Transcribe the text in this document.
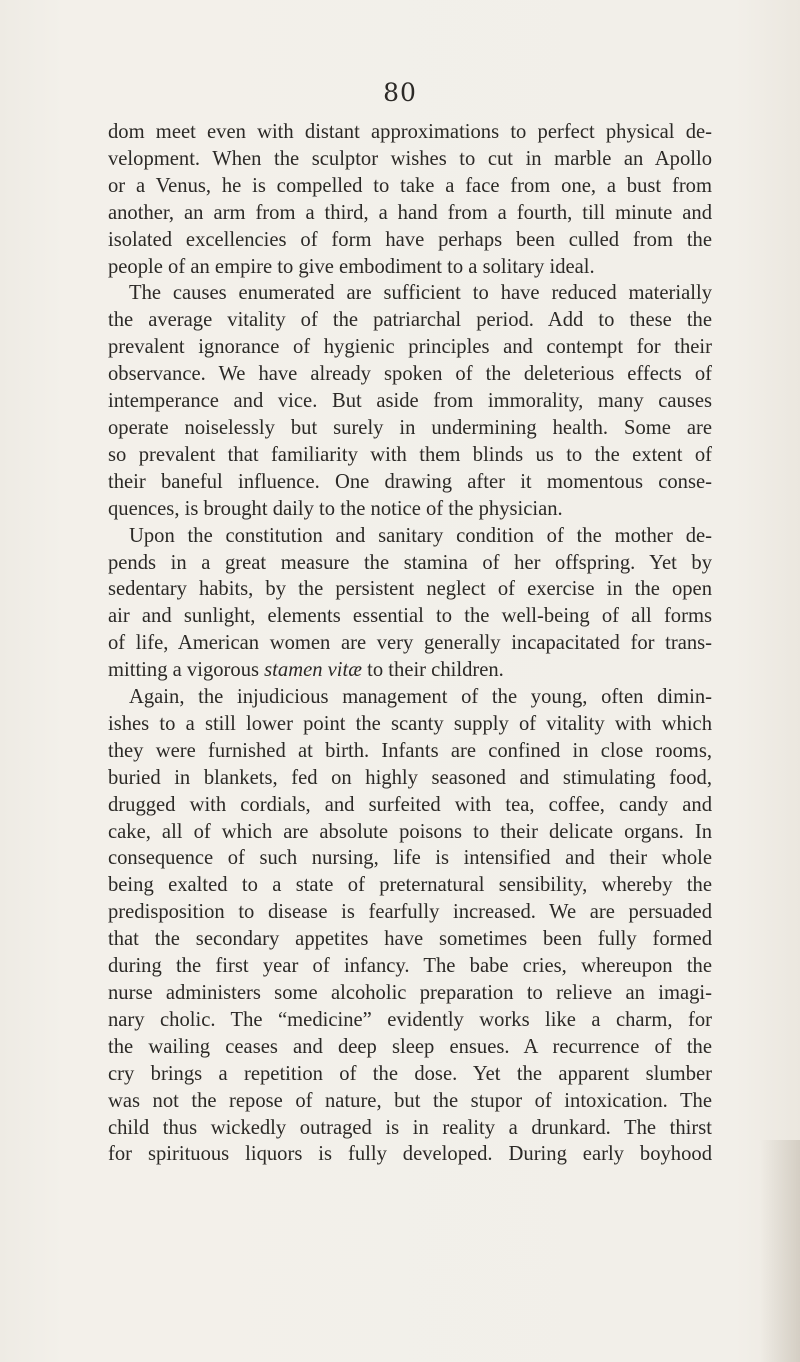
80
dom meet even with distant approximations to perfect physical de-
velopment. When the sculptor wishes to cut in marble an Apollo
or a Venus, he is compelled to take a face from one, a bust from
another, an arm from a third, a hand from a fourth, till minute and
isolated excellencies of form have perhaps been culled from the
people of an empire to give embodiment to a solitary ideal.
The causes enumerated are sufficient to have reduced materially
the average vitality of the patriarchal period. Add to these the
prevalent ignorance of hygienic principles and contempt for their
observance. We have already spoken of the deleterious effects of
intemperance and vice. But aside from immorality, many causes
operate noiselessly but surely in undermining health. Some are
so prevalent that familiarity with them blinds us to the extent of
their baneful influence. One drawing after it momentous conse-
quences, is brought daily to the notice of the physician.
Upon the constitution and sanitary condition of the mother de-
pends in a great measure the stamina of her offspring. Yet by
sedentary habits, by the persistent neglect of exercise in the open
air and sunlight, elements essential to the well-being of all forms
of life, American women are very generally incapacitated for trans-
mitting a vigorous stamen vitæ to their children.
Again, the injudicious management of the young, often dimin-
ishes to a still lower point the scanty supply of vitality with which
they were furnished at birth. Infants are confined in close rooms,
buried in blankets, fed on highly seasoned and stimulating food,
drugged with cordials, and surfeited with tea, coffee, candy and
cake, all of which are absolute poisons to their delicate organs. In
consequence of such nursing, life is intensified and their whole
being exalted to a state of preternatural sensibility, whereby the
predisposition to disease is fearfully increased. We are persuaded
that the secondary appetites have sometimes been fully formed
during the first year of infancy. The babe cries, whereupon the
nurse administers some alcoholic preparation to relieve an imagi-
nary cholic. The “medicine” evidently works like a charm, for
the wailing ceases and deep sleep ensues. A recurrence of the
cry brings a repetition of the dose. Yet the apparent slumber
was not the repose of nature, but the stupor of intoxication. The
child thus wickedly outraged is in reality a drunkard. The thirst
for spirituous liquors is fully developed. During early boyhood
